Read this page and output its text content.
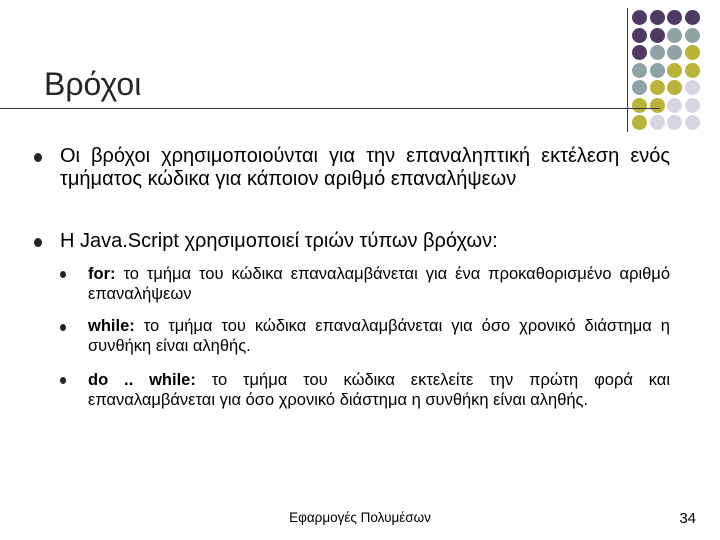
Βρόχοι
Οι βρόχοι χρησιμοποιούνται για την επαναληπτική εκτέλεση ενός τμήματος κώδικα για κάποιον αριθμό επαναλήψεων
Η Java.Script χρησιμοποιεί τριών τύπων βρόχων:
for: το τμήμα του κώδικα επαναλαμβάνεται για ένα προκαθορισμένο αριθμό επαναλήψεων
while: το τμήμα του κώδικα επαναλαμβάνεται για όσο χρονικό διάστημα η συνθήκη είναι αληθής.
do .. while: το τμήμα του κώδικα εκτελείτε την πρώτη φορά και επαναλαμβάνεται για όσο χρονικό διάστημα η συνθήκη είναι αληθής.
Εφαρμογές Πολυμέσων	34
